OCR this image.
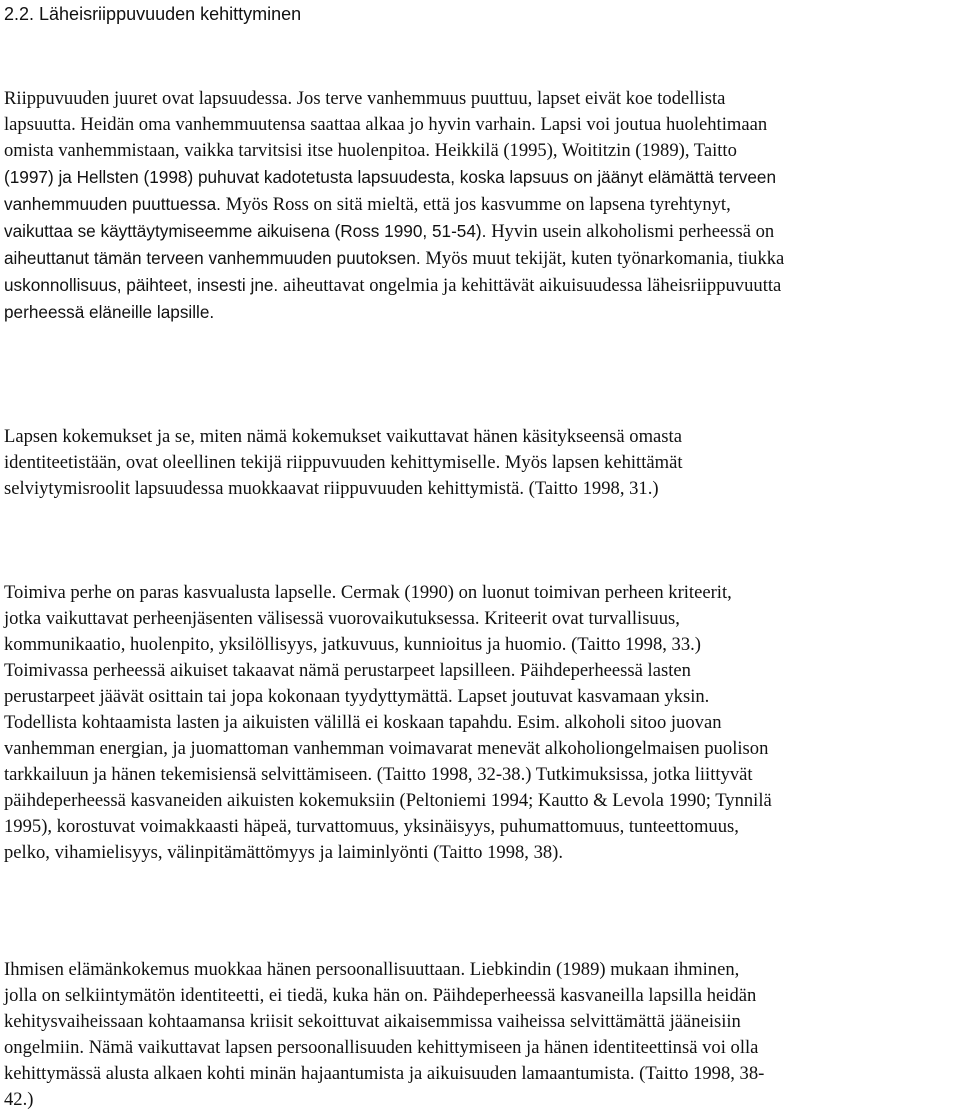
2.2. Läheisriippuvuuden kehittyminen
Riippuvuuden juuret ovat lapsuudessa. Jos terve vanhemmuus puuttuu, lapset eivät koe todellista
lapsuutta. Heidän oma vanhemmuutensa saattaa alkaa jo hyvin varhain. Lapsi voi joutua huolehtimaan
omista vanhemmistaan, vaikka tarvitsisi itse huolenpitoa. Heikkilä (1995), Woititzin (1989), Taitto
(1997) ja Hellsten (1998) puhuvat kadotetusta lapsuudesta, koska lapsuus on jäänyt elämättä terveen
vanhemmuuden puuttuessa. Myös Ross on sitä mieltä, että jos kasvumme on lapsena tyrehtynyt,
vaikuttaa se käyttäytymiseemme aikuisena (Ross 1990, 51-54). Hyvin usein alkoholismi perheessä on
aiheuttanut tämän terveen vanhemmuuden puutoksen. Myös muut tekijät, kuten työnarkomania, tiukka
uskonnollisuus, päihteet, insesti jne. aiheuttavat ongelmia ja kehittävät aikuisuudessa läheisriippuvuutta
perheessä eläneille lapsille.
Lapsen kokemukset ja se, miten nämä kokemukset vaikuttavat hänen käsitykseensä omasta
identiteetistään, ovat oleellinen tekijä riippuvuuden kehittymiselle. Myös lapsen kehittämät
selviytymisroolit lapsuudessa muokkaavat riippuvuuden kehittymistä. (Taitto 1998, 31.)
Toimiva perhe on paras kasvualusta lapselle. Cermak (1990) on luonut toimivan perheen kriteerit,
jotka vaikuttavat perheenjäsenten välisessä vuorovaikutuksessa. Kriteerit ovat turvallisuus,
kommunikaatio, huolenpito, yksilöllisyys, jatkuvuus, kunnioitus ja huomio. (Taitto 1998, 33.)
Toimivassa perheessä aikuiset takaavat nämä perustarpeet lapsilleen. Päihdeperheessä lasten
perustarpeet jäävät osittain tai jopa kokonaan tyydyttymättä. Lapset joutuvat kasvamaan yksin.
Todellista kohtaamista lasten ja aikuisten välillä ei koskaan tapahdu. Esim. alkoholi sitoo juovan
vanhemman energian, ja juomattoman vanhemman voimavarat menevät alkoholiongelmaisen puolison
tarkkailuun ja hänen tekemisiensä selvittämiseen. (Taitto 1998, 32-38.) Tutkimuksissa, jotka liittyvät
päihdeperheessä kasvaneiden aikuisten kokemuksiin (Peltoniemi 1994; Kautto & Levola 1990; Tynnilä
1995), korostuvat voimakkaasti häpeä, turvattomuus, yksinäisyys, puhumattomuus, tunteettomuus,
pelko, vihamielisyys, välinpitämättömyys ja laiminlyönti (Taitto 1998, 38).
Ihmisen elämänkokemus muokkaa hänen persoonallisuuttaan. Liebkindin (1989) mukaan ihminen,
jolla on selkiintymätön identiteetti, ei tiedä, kuka hän on. Päihdeperheessä kasvaneilla lapsilla heidän
kehitysvaiheissaan kohtaamansa kriisit sekoittuvat aikaisemmissa vaiheissa selvittämättä jääneisiin
ongelmiin. Nämä vaikuttavat lapsen persoonallisuuden kehittymiseen ja hänen identiteettinsä voi olla
kehittymässä alusta alkaen kohti minän hajaantumista ja aikuisuuden lamaantumista. (Taitto 1998, 38-
42.)
